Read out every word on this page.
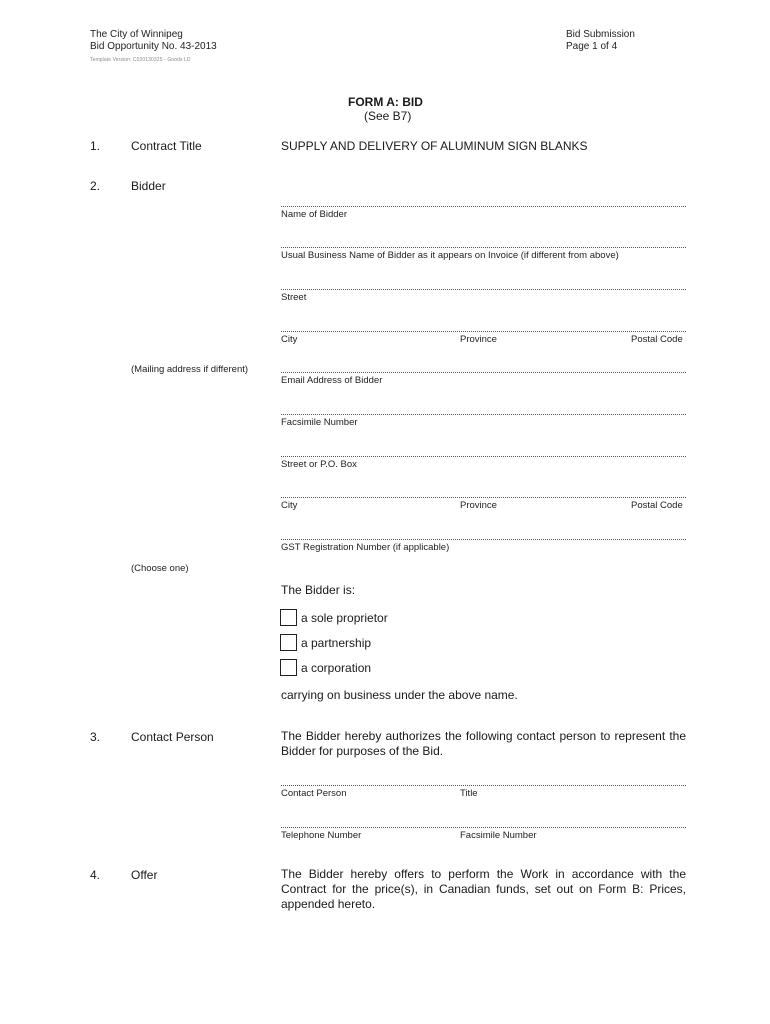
The City of Winnipeg
Bid Opportunity No. 43-2013
Template Version: C020130325 - Goods LD
Bid Submission
Page 1 of 4
FORM A: BID
(See B7)
1.	Contract Title	SUPPLY AND DELIVERY OF ALUMINUM SIGN BLANKS
2.	Bidder
Name of Bidder
Usual Business Name of Bidder as it appears on Invoice (if different from above)
Street
City	Province	Postal Code
(Mailing address if different)
Email Address of Bidder
Facsimile Number
Street or P.O. Box
City	Province	Postal Code
GST Registration Number (if applicable)
(Choose one)
The Bidder is:
a sole proprietor
a partnership
a corporation
carrying on business under the above name.
3.	Contact Person	The Bidder hereby authorizes the following contact person to represent the Bidder for purposes of the Bid.
Contact Person	Title
Telephone Number	Facsimile Number
4.	Offer	The Bidder hereby offers to perform the Work in accordance with the Contract for the price(s), in Canadian funds, set out on Form B: Prices, appended hereto.
